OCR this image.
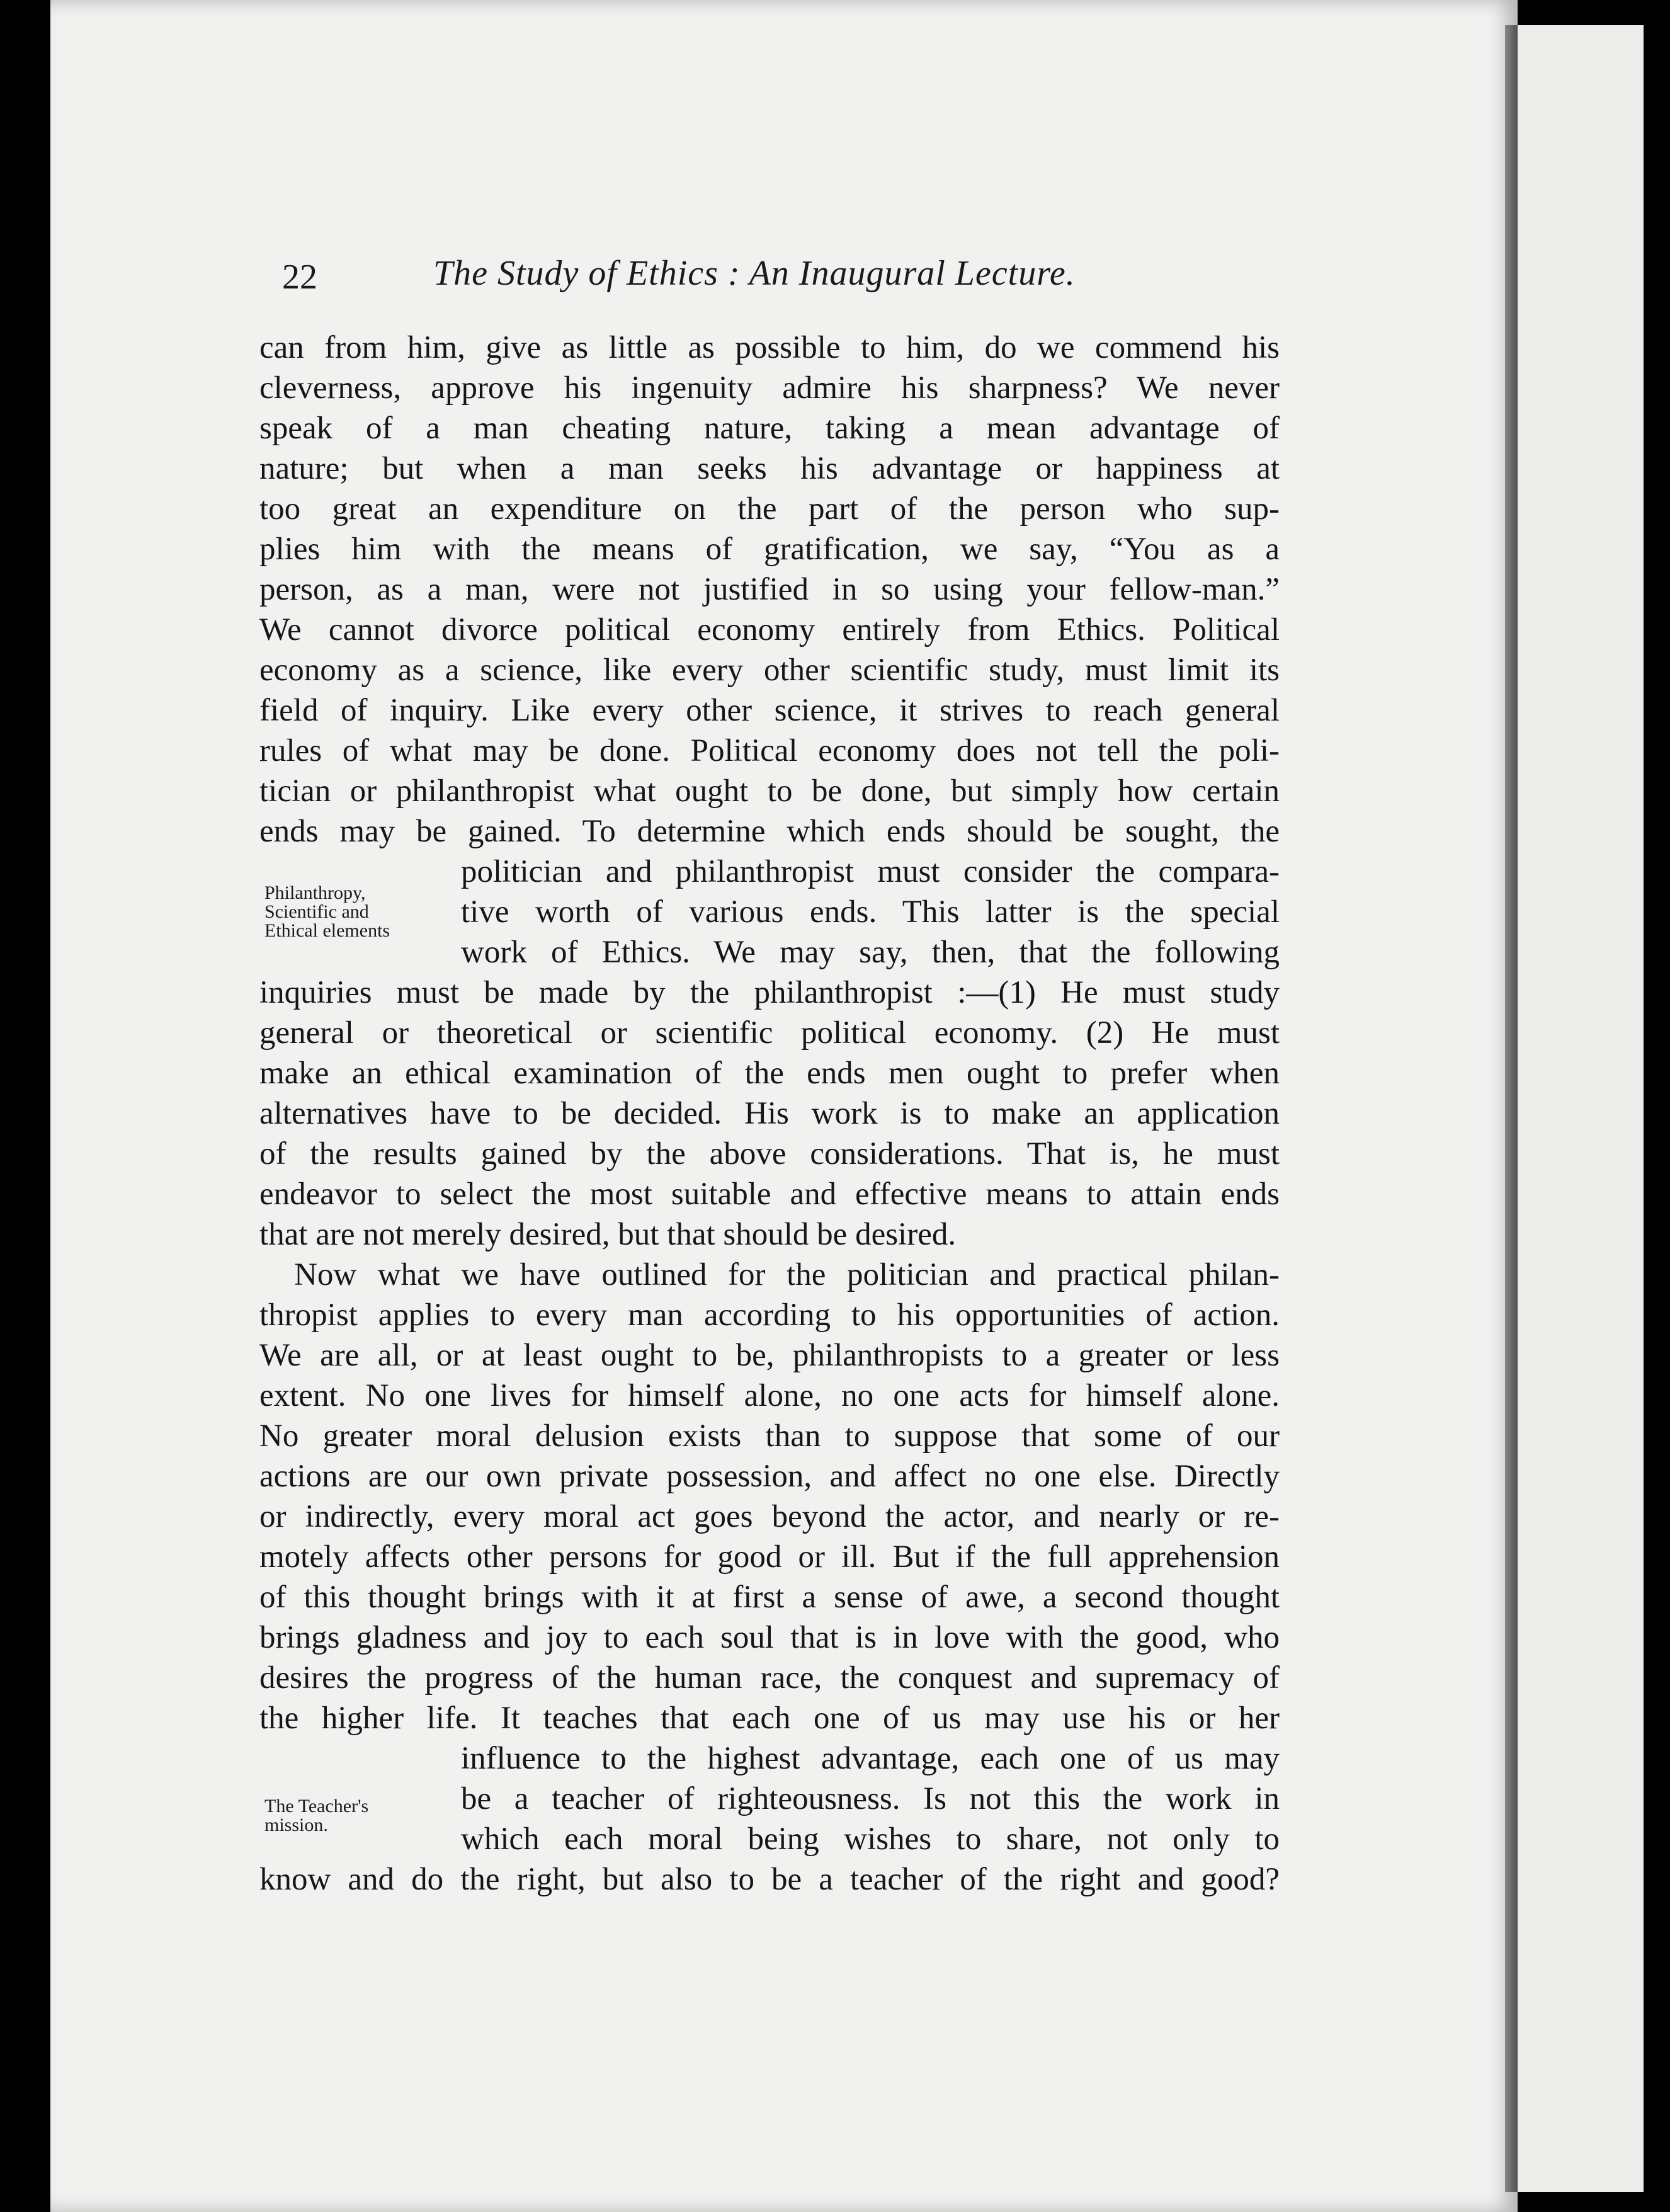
22	The Study of Ethics : An Inaugural Lecture.
can from him, give as little as possible to him, do we commend his
cleverness, approve his ingenuity admire his sharpness? We never
speak of a man cheating nature, taking a mean advantage of
nature; but when a man seeks his advantage or happiness at
too great an expenditure on the part of the person who sup-
plies him with the means of gratification, we say, “You as a
person, as a man, were not justified in so using your fellow-man.”
We cannot divorce political economy entirely from Ethics. Political
economy as a science, like every other scientific study, must limit its
field of inquiry. Like every other science, it strives to reach general
rules of what may be done. Political economy does not tell the poli-
tician or philanthropist what ought to be done, but simply how certain
ends may be gained. To determine which ends should be sought, the
politician and philanthropist must consider the compara-
tive worth of various ends. This latter is the special
work of Ethics. We may say, then, that the following
inquiries must be made by the philanthropist :—(1) He must study
general or theoretical or scientific political economy. (2) He must
make an ethical examination of the ends men ought to prefer when
alternatives have to be decided. His work is to make an application
of the results gained by the above considerations. That is, he must
endeavor to select the most suitable and effective means to attain ends
that are not merely desired, but that should be desired.
Now what we have outlined for the politician and practical philan-
thropist applies to every man according to his opportunities of action.
We are all, or at least ought to be, philanthropists to a greater or less
extent. No one lives for himself alone, no one acts for himself alone.
No greater moral delusion exists than to suppose that some of our
actions are our own private possession, and affect no one else. Directly
or indirectly, every moral act goes beyond the actor, and nearly or re-
motely affects other persons for good or ill. But if the full apprehension
of this thought brings with it at first a sense of awe, a second thought
brings gladness and joy to each soul that is in love with the good, who
desires the progress of the human race, the conquest and supremacy of
the higher life. It teaches that each one of us may use his or her
influence to the highest advantage, each one of us may
be a teacher of righteousness. Is not this the work in
which each moral being wishes to share, not only to
know and do the right, but also to be a teacher of the right and good?
Philanthropy,
Scientific and
Ethical elements
The Teacher's
mission.
